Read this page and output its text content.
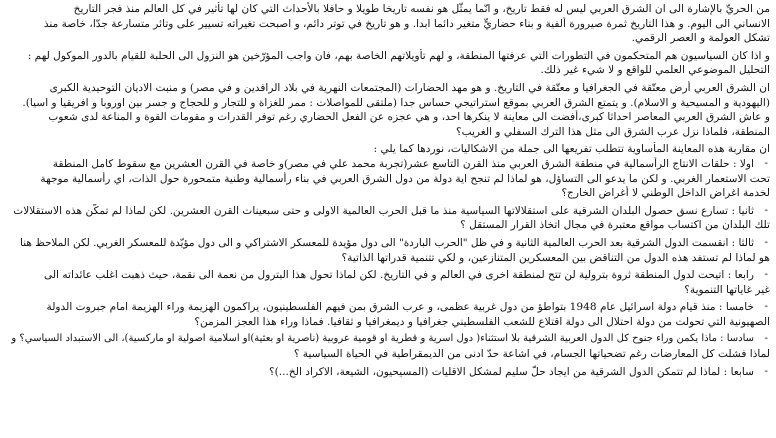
من الحريِّ بالإشارة الى ان الشرق العربي ليس له فقط تاريخ، و انّما يمثّل هو نفسه تاريخا طويلا و حافلا بالأحداث التي كان لها تأثير في كل العالم منذ فجر التاريخ
الانساني الى اليوم. و هذا التاريخ ثمرة صيرورة ألفية و بناء حضاريٍّ متغير دائما ابدا. و هو تاريخ في توتر دائم، و اصبحت تغيراته تسيير على وتائر متسارعة جدّا، خاصة منذ
تشكل العولمة و العصر الرقمي.
و اذا كان السياسيون هم المتحكمون في التطورات التي عرفتها المنطقة، و لهم تأويلاتهم الخاصة بهم، فان واجب المؤرّخين هو النزول الى الحلبة للقيام بالدور الموكول لهم :
التحليل الموضوعي العلمي للواقع و لا شيء غير ذلك.
ان الشرق العربي أرض معتّقة في الجغرافيا و معتّقة في التاريخ. و هو مهد الحضارات (المجتمعات النهرية في بلاد الرافدين و في مصر) و منبت الاديان التوحيدية الكبرى
(اليهودية و المسيحية و الاسلام). و يتمتع الشرق العربي بموقع استراتيجي حساس جدا (ملتقى للمواصلات : ممر للغزاة و للتجار و للحجاج و جسر بين اوروبا و افريقيا و اسيا).
و عاش الشرق العربي المعاصر احداثا كبرى،أفضت الى معاينة لا ينكرها احد، و هي عجزه عن الفعل الحضاري رغم توفر القدرات و مقومات القوة و المناعة لدى شعوب
المنطقة، فلماذا نزل عرب الشرق الى مثل هذا الترك السفلي و الغريب؟
ان مقاربة هذه المعاينة المأساوية تتطلب تفريعها الى جملة من الاشكاليات، نوردها كما يلي :
-
اولا : حلقات الانتاج الرأسمالية في منطقة الشرق العربي منذ القرن التاسع عشر(تجربة محمد علي في مصر)و خاصة في القرن العشرين مع سقوط كامل المنطقة
تحت الاستعمار الغربي. و لكن ما يدعو الى التساؤل، هو لماذا لم تنجح اية دولة من دول الشرق العربي في بناء رأسمالية وطنية متمحورة حول الذات، اي رأسمالية موجهة
لخدمة اغراض الداخل الوطني لا أغراض الخارج؟
-
ثانيا : تسارع نسق حصول البلدان الشرقية على استقلالاتها السياسية منذ ما قبل الحرب العالمية الاولى و حتى سبعينات القرن العشرين. لكن لماذا لم تمكّن هذه الاستقلالات
تلك البلدان من اكتساب مواقع معتبرة في مجال اتخاذ القرار المستقل ؟
-
ثالثا : انقسمت الدول الشرقية بعد الحرب العالمية الثانية و في ظل "الحرب الباردة" الى دول مؤيدة للمعسكر الاشتراكي و الى دول مؤيّدة للمعسكر الغربي. لكن الملاحظ هنا
هو لماذا لم تستفد هذه الدول من التناقض بين المعسكرين المتنازعين، و لكي تتنمية قدراتها الذاتية؟
-
رابعا : اتيحت لدول المنطقة ثروة بترولية لن تتح لمنطقة اخرى في العالم و في التاريخ. لكن لماذا تحول هذا البترول من نعمة الى نقمة، حيث ذهبت اغلب عائداته الى
غير غاياتها التنموية؟
-
خامسا : منذ قيام دولة اسرائيل عام 1948 بتواطؤ من دول غربية عظمى، و عرب الشرق بمن فيهم الفلسطينيون، يراكمون الهزيمة وراء الهزيمة امام جبروت الدولة
الصهيونية التي تحولت من دولة احتلال الى دولة اقتلاع للشعب الفلسطيني جغرافيا و ديمغرافيا و ثقافيا. فماذا وراء هذا العجز المزمن؟
-
سادسا : ماذا يكمن وراء جنوح كل الدول العربية الشرقية بلا استثناء( دول اسرية و قطرية او قومية عروبية (ناصرية او بعثية)او اسلامية اصولية او ماركسية)، الى الاستبداد السياسي؟ و
لماذا فشلت كل المعارضات رغم تضحياتها الجسام، في اشاعة حدّ ادنى من الديمقراطية في الحياة السياسية ؟
-
سابعا : لماذا لم تتمكن الدول الشرقية من ايجاد حلّ سليم لمشكل الاقليات (المسيحيون، الشيعة، الاكراد الخ...)؟
